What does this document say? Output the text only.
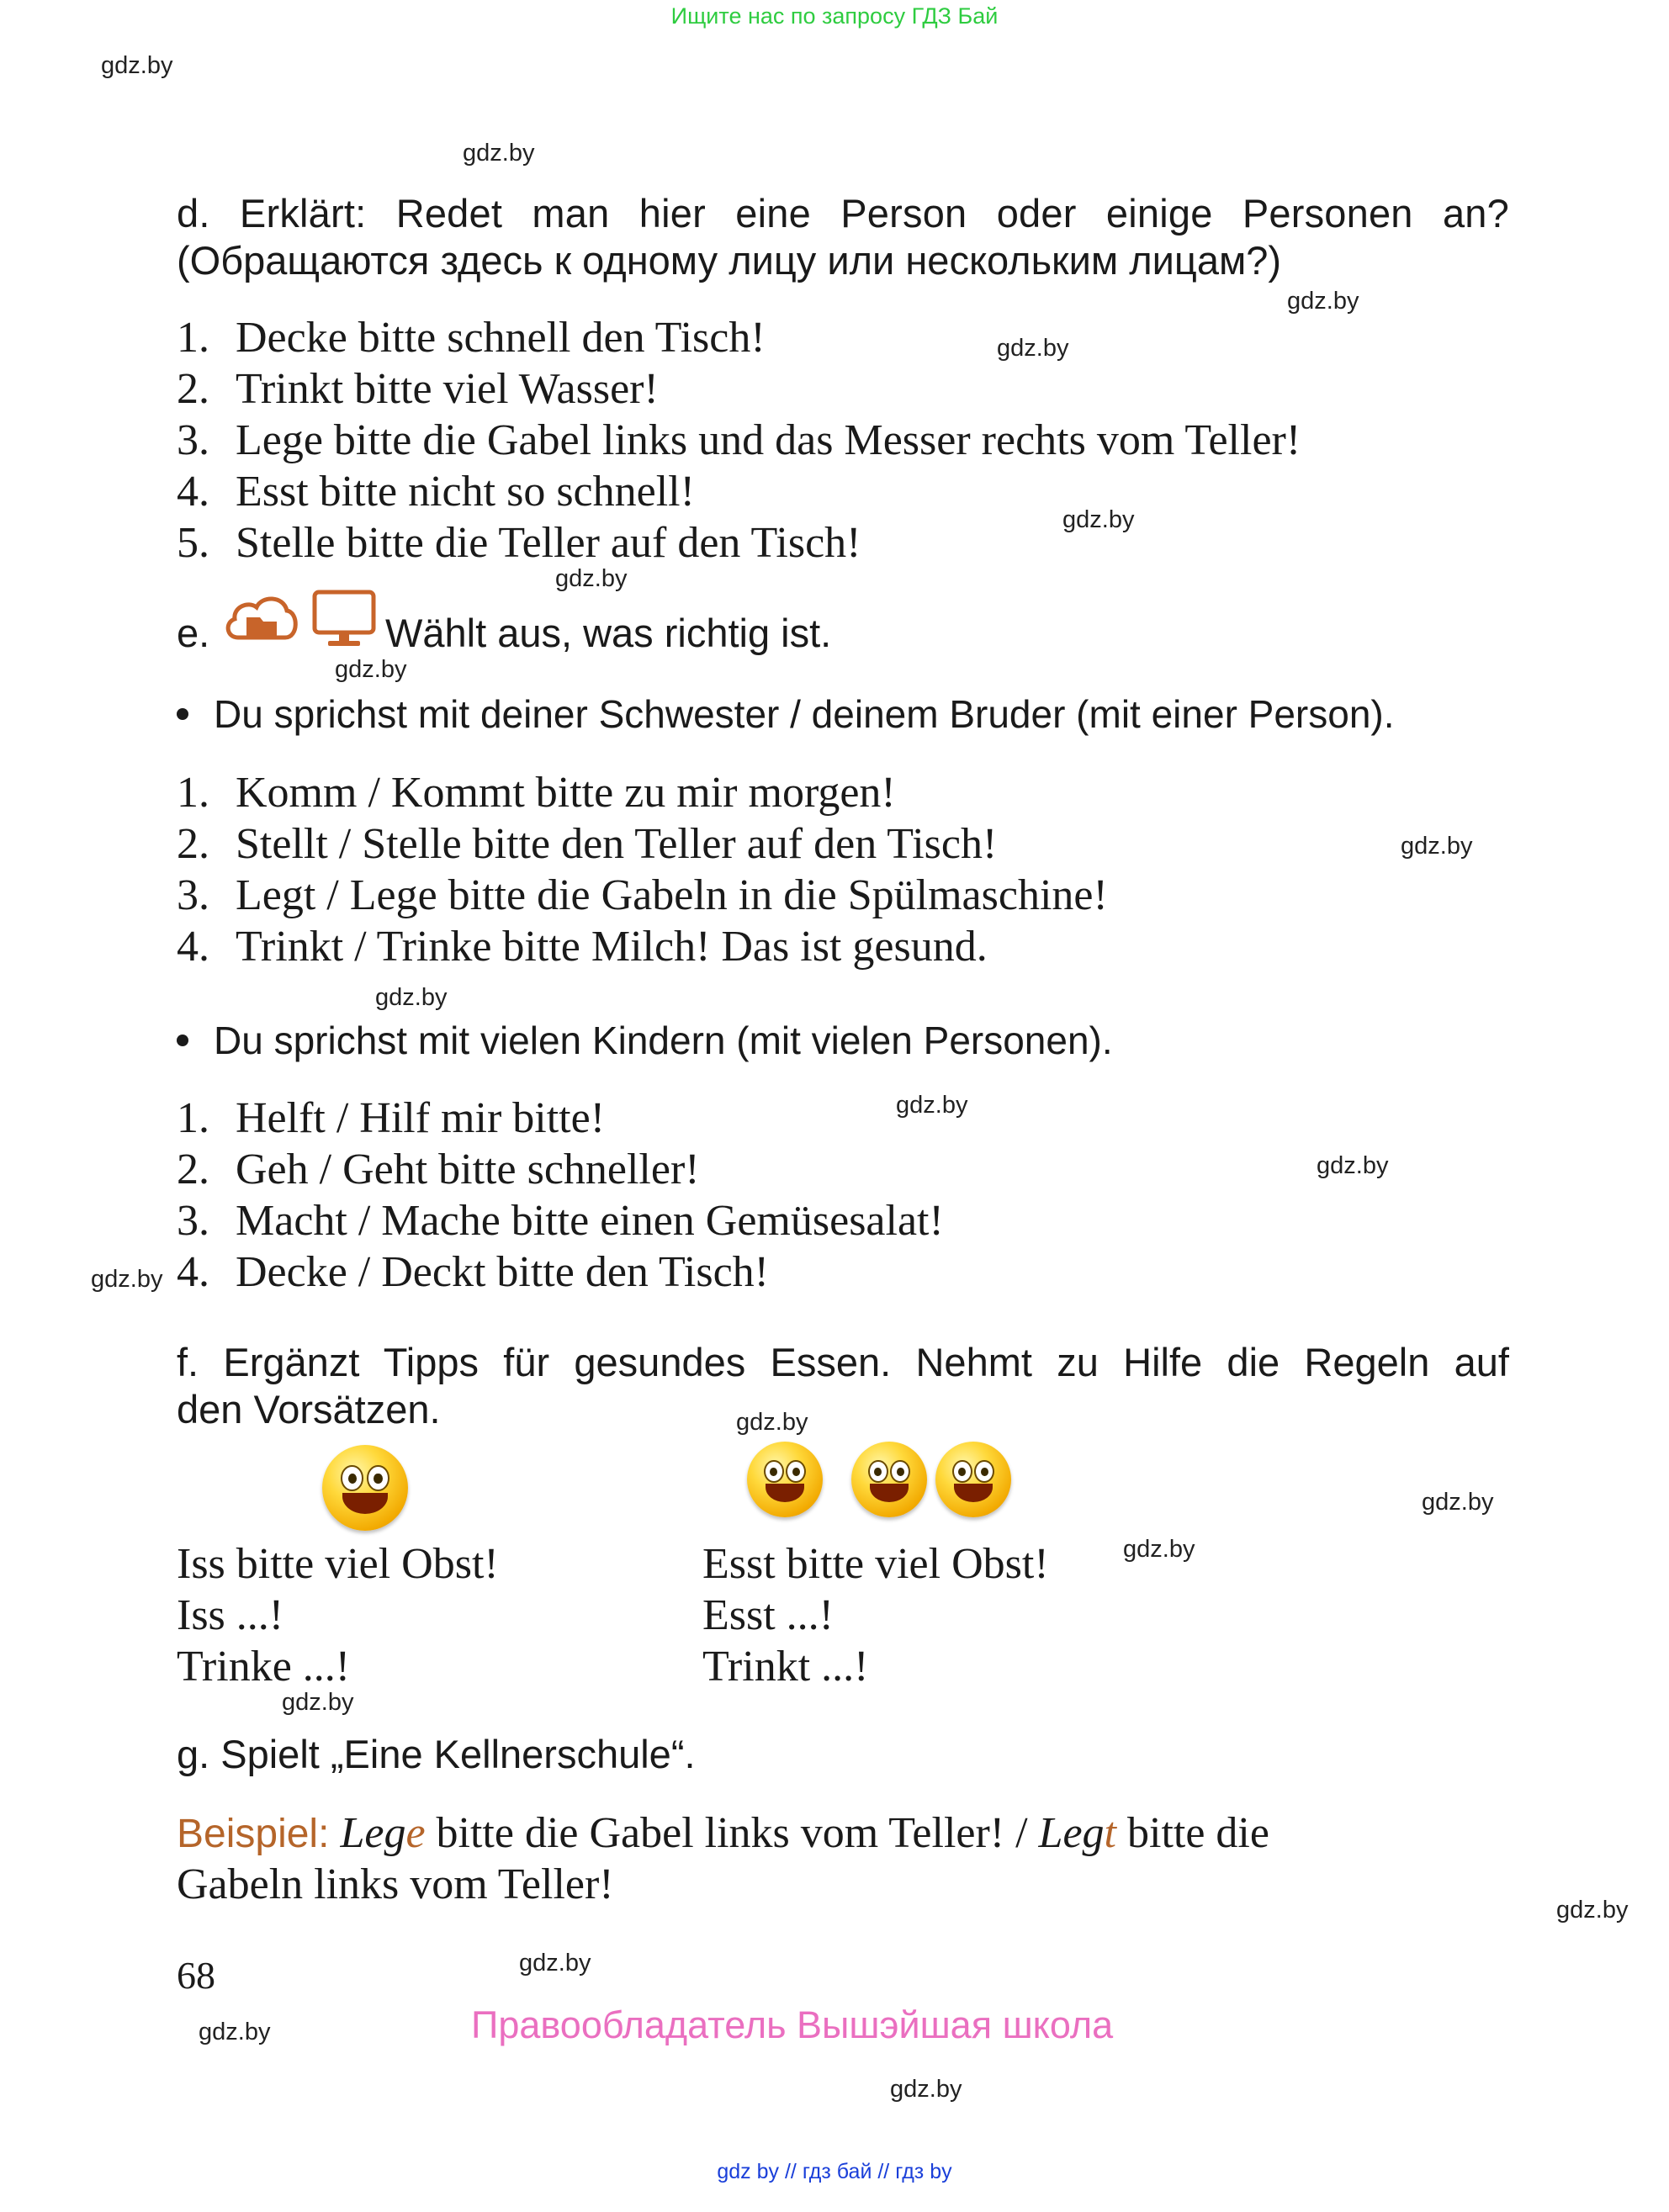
Ищите нас по запросу ГДЗ Бай
gdz.by
gdz.by
gdz.by
gdz.by
gdz.by
gdz.by
gdz.by
gdz.by
gdz.by
gdz.by
gdz.by
gdz.by
gdz.by
gdz.by
gdz.by
gdz.by
gdz.by
gdz.by
gdz.by
gdz.by
d. Erklärt: Redet man hier eine Person oder einige Personen an?
(Обращаются здесь к одному лицу или нескольким лицам?)
1. Decke bitte schnell den Tisch!
2. Trinkt bitte viel Wasser!
3. Lege bitte die Gabel links und das Messer rechts vom Teller!
4. Esst bitte nicht so schnell!
5. Stelle bitte die Teller auf den Tisch!
e.	Wählt aus, was richtig ist.
Du sprichst mit deiner Schwester / deinem Bruder (mit einer Person).
1. Komm / Kommt bitte zu mir morgen!
2. Stellt / Stelle bitte den Teller auf den Tisch!
3. Legt / Lege bitte die Gabeln in die Spülmaschine!
4. Trinkt / Trinke bitte Milch! Das ist gesund.
Du sprichst mit vielen Kindern (mit vielen Personen).
1. Helft / Hilf mir bitte!
2. Geh / Geht bitte schneller!
3. Macht / Mache bitte einen Gemüsesalat!
4. Decke / Deckt bitte den Tisch!
f. Ergänzt Tipps für gesundes Essen. Nehmt zu Hilfe die Regeln auf
den Vorsätzen.
Iss bitte viel Obst!
Iss ...!
Trinke ...!
Esst bitte viel Obst!
Esst ...!
Trinkt ...!
g. Spielt „Eine Kellnerschule“.
Beispiel: Lege bitte die Gabel links vom Teller! / Legt bitte die
Gabeln links vom Teller!
68
Правообладатель Вышэйшая школа
gdz by // гдз бай // гдз by
